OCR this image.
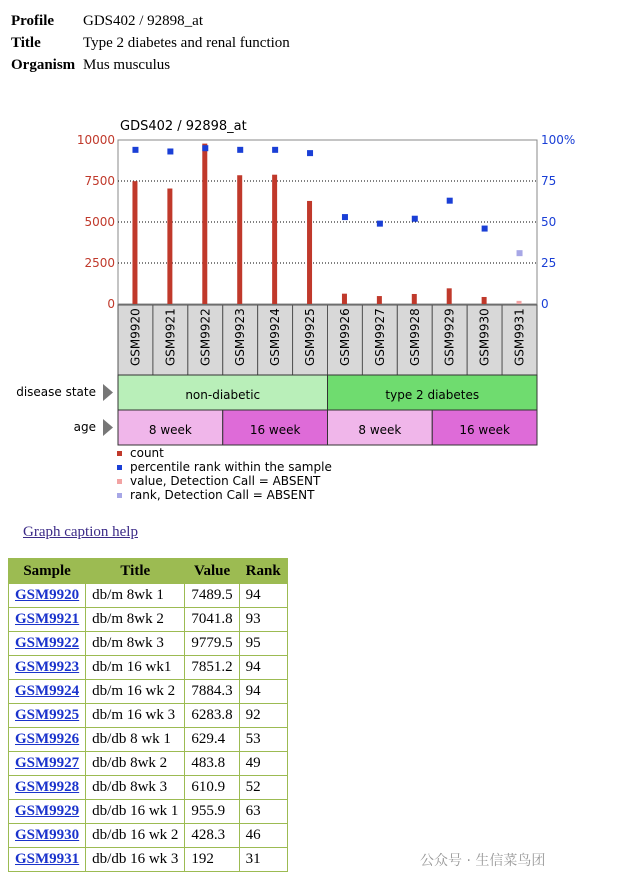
Profile	GDS402 / 92898_at
Title	Type 2 diabetes and renal function
Organism Mus musculus
0
2500
5000
7500
10000
0
25
50
75
100%
GDS402 / 92898_at
GSM9920 GSM9921 GSM9922 GSM9923 GSM9924 GSM9925 GSM9926 GSM9927 GSM9928 GSM9929 GSM9930 GSM9931
disease state	non-diabetic	type 2 diabetes
age	8 week	16 week	8 week	16 week
count
percentile rank within the sample
value, Detection Call = ABSENT
rank, Detection Call = ABSENT
Graph caption help
Sample	Title	Value	Rank
GSM9920	db/m 8wk 1	7489.5	94
GSM9921	db/m 8wk 2	7041.8	93
GSM9922	db/m 8wk 3	9779.5	95
GSM9923	db/m 16 wk1	7851.2	94
GSM9924	db/m 16 wk 2	7884.3	94
GSM9925	db/m 16 wk 3	6283.8	92
GSM9926	db/db 8 wk 1	629.4	53
GSM9927	db/db 8wk 2	483.8	49
GSM9928	db/db 8wk 3	610.9	52
GSM9929	db/db 16 wk 1	955.9	63
GSM9930	db/db 16 wk 2	428.3	46
GSM9931	db/db 16 wk 3	192	31	公众号 · 生信菜鸟团
